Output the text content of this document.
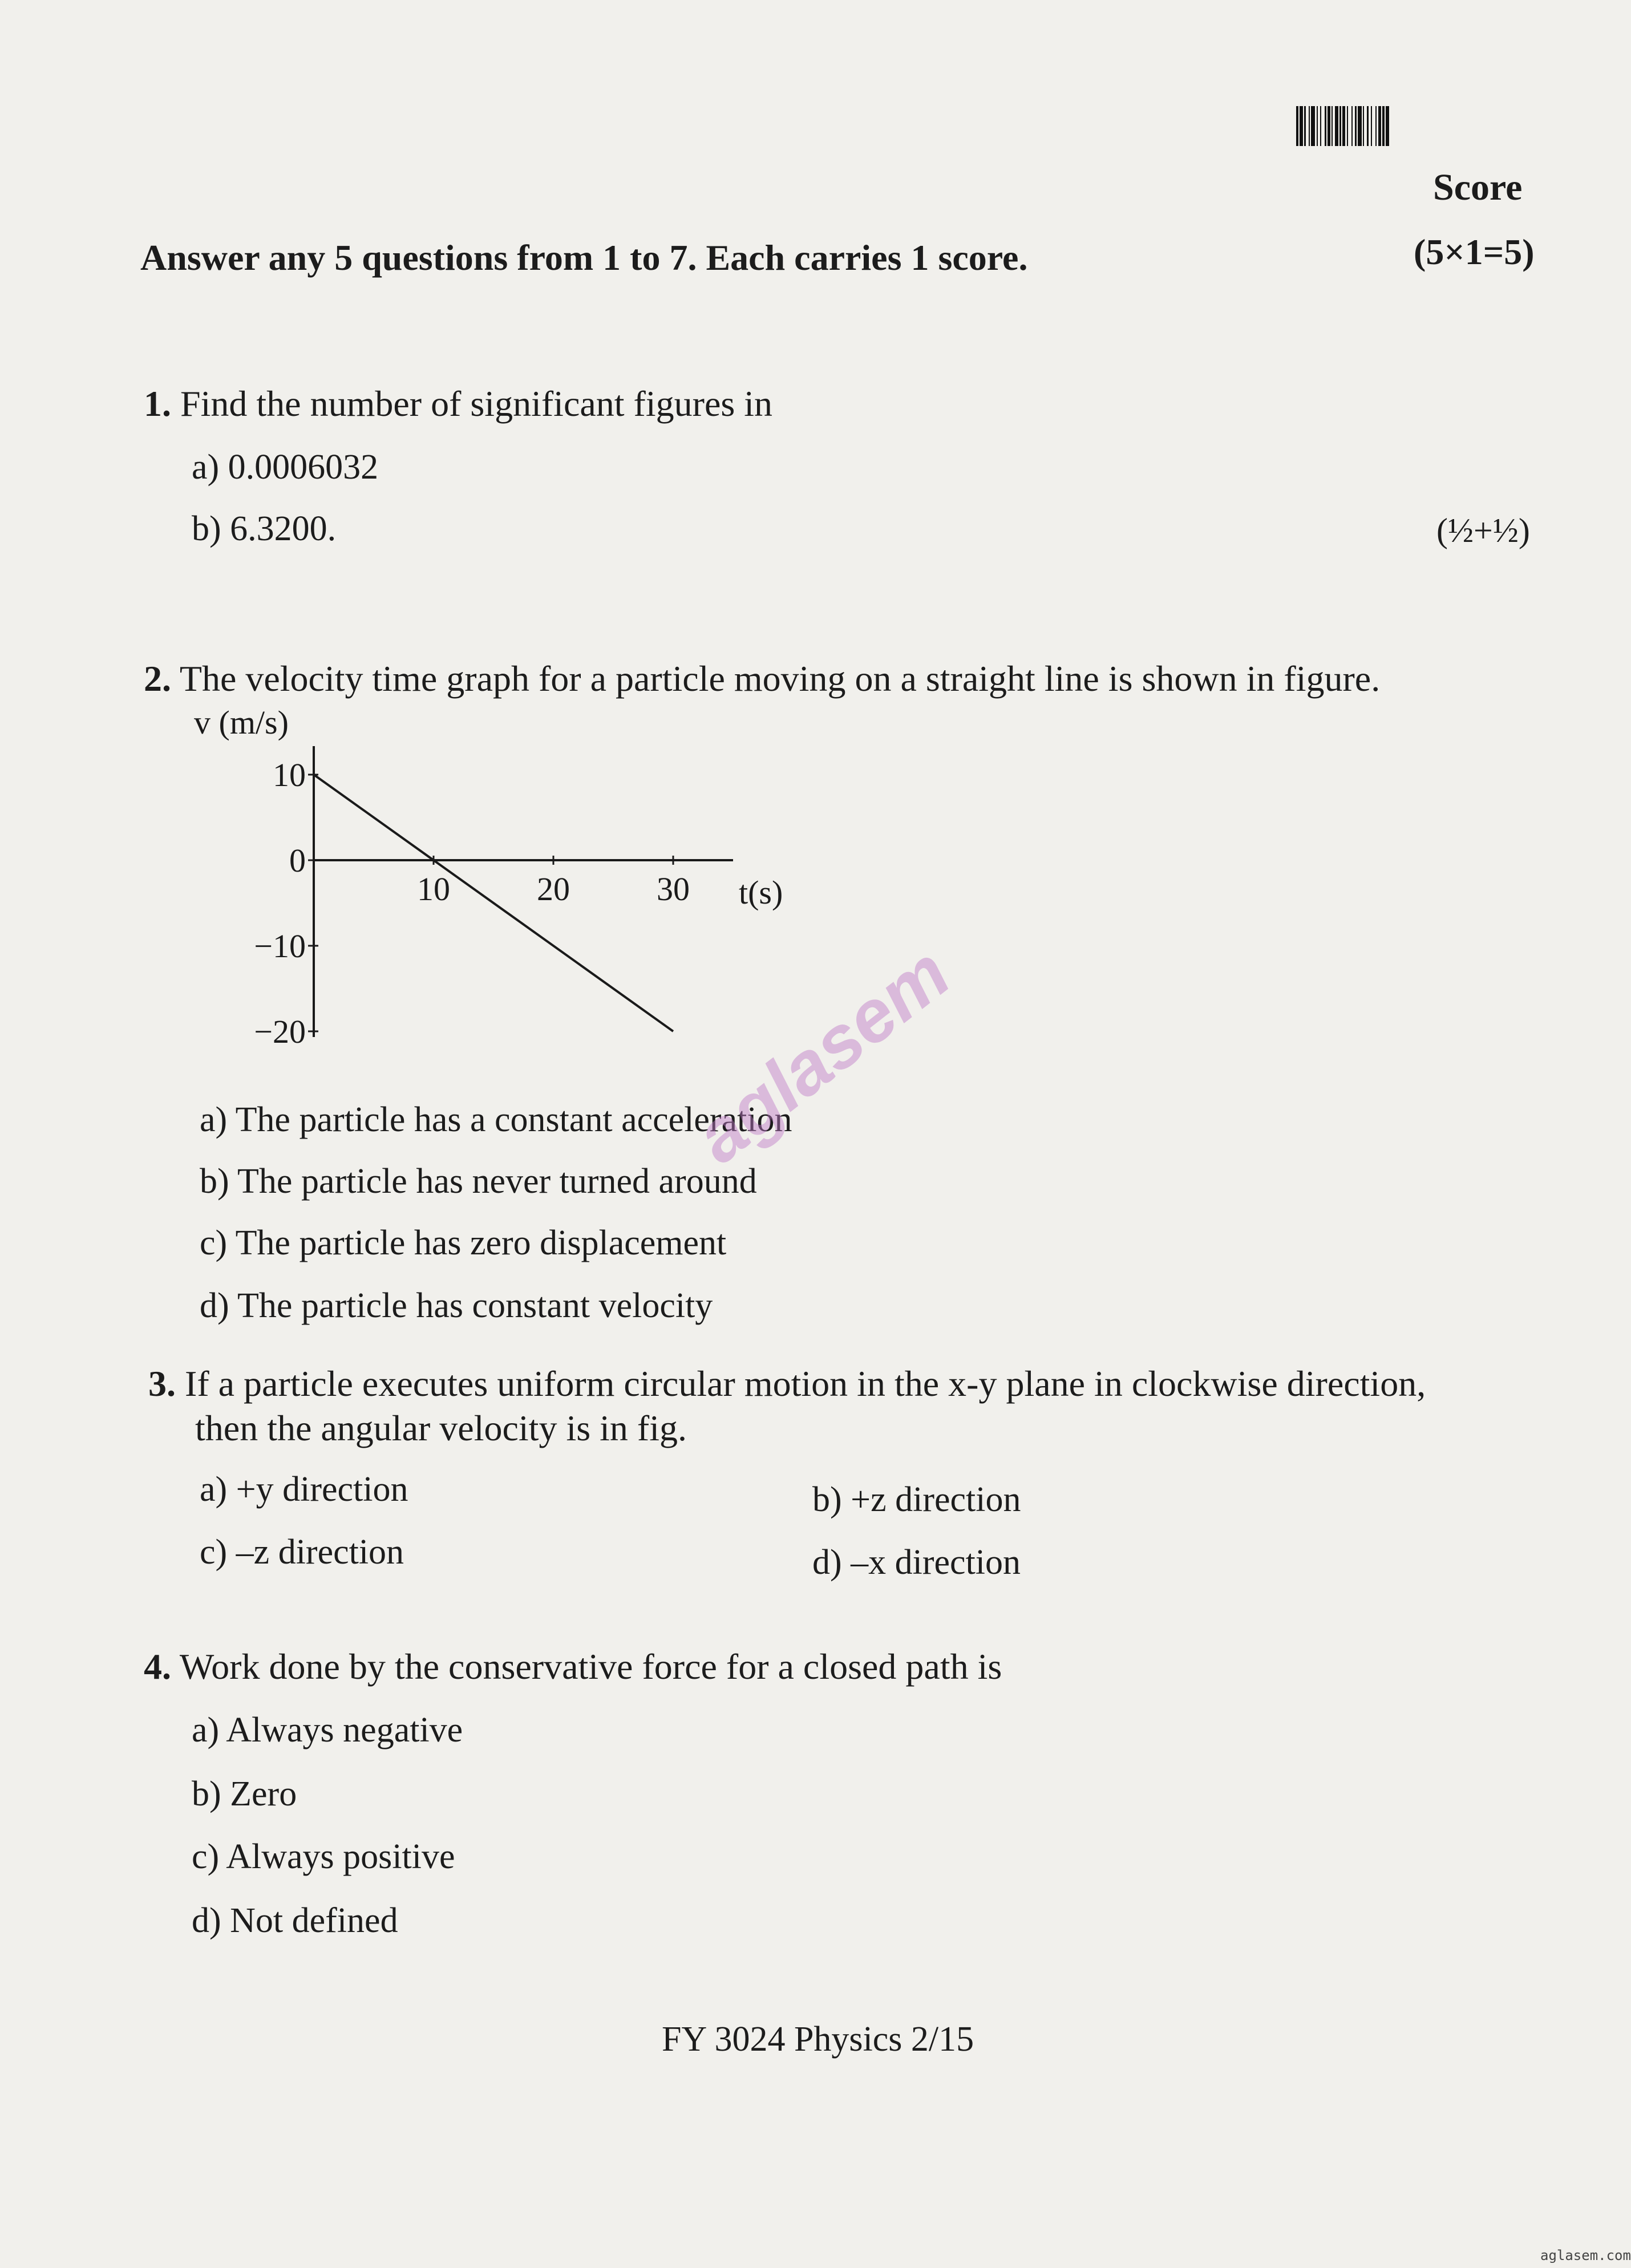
Score
Answer any 5 questions from 1 to 7. Each carries 1 score.	(5×1=5)
1. Find the number of significant figures in
a) 0.0006032
b) 6.3200.	(½+½)
2. The velocity time graph for a particle moving on a straight line is shown in figure.
v (m/s)
10
0
−10
−20
10	20	30 t(s)
a) The particle has a constant acceleration
b) The particle has never turned around
c) The particle has zero displacement
d) The particle has constant velocity
3. If a particle executes uniform circular motion in the x-y plane in clockwise direction,
then the angular velocity is in fig.
a) +y direction	b) +z direction
c) –z direction	d) –x direction
4. Work done by the conservative force for a closed path is
a) Always negative
b) Zero
c) Always positive
d) Not defined
aglasem
FY 3024 Physics 2/15
aglasem.com
